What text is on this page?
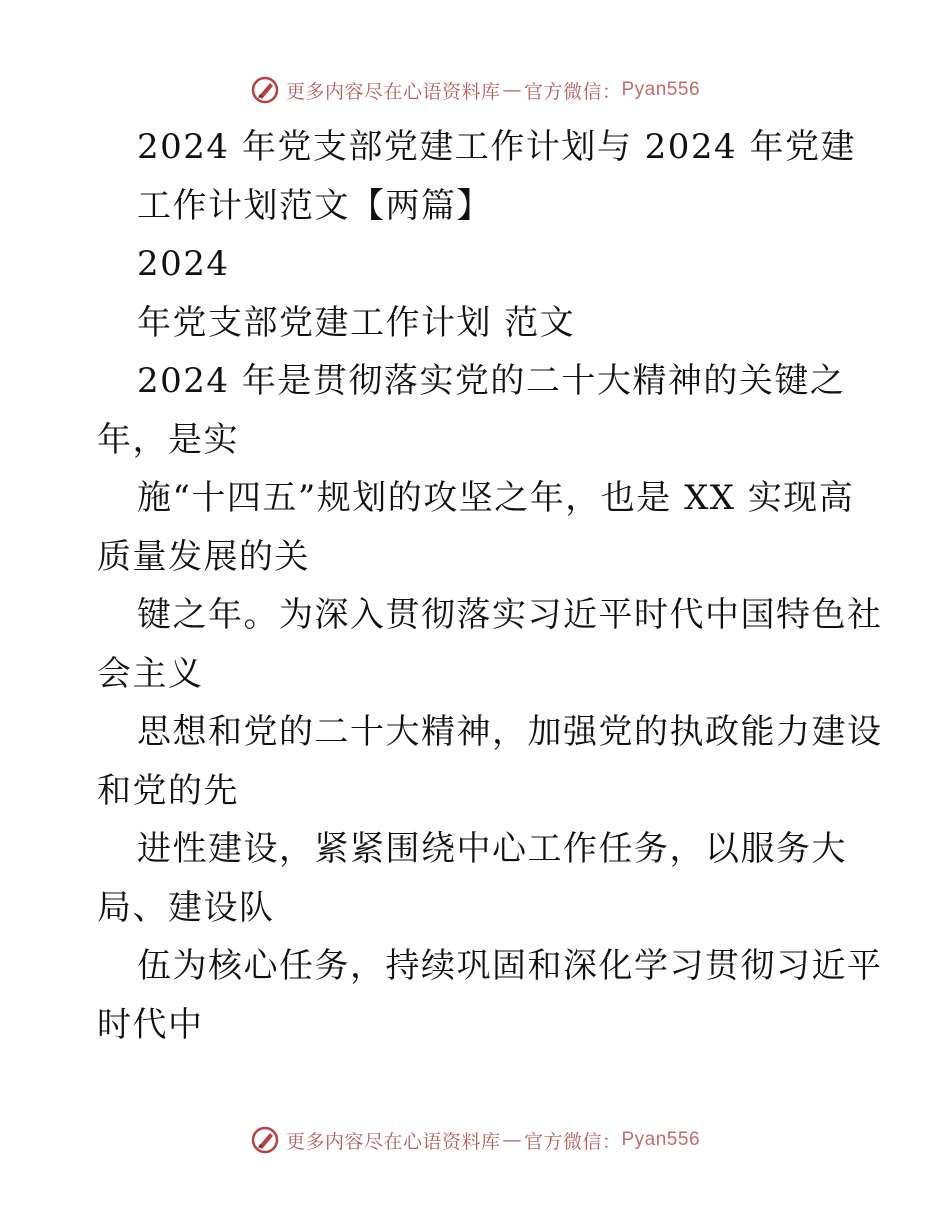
更多内容尽在心语资料库 — 官方微信： Pyan556
2024 年党支部党建工作计划与 2024 年党建
工作计划范文【两篇】
2024
年党支部党建工作计划 范文
2024 年是贯彻落实党的二十大精神的关键之
年，是实
施“十四五”规划的攻坚之年，也是 XX 实现高
质量发展的关
键之年。为深入贯彻落实习近平时代中国特色社
会主义
思想和党的二十大精神，加强党的执政能力建设
和党的先
进性建设，紧紧围绕中心工作任务，以服务大
局、建设队
伍为核心任务，持续巩固和深化学习贯彻习近平
时代中
更多内容尽在心语资料库 — 官方微信： Pyan556
